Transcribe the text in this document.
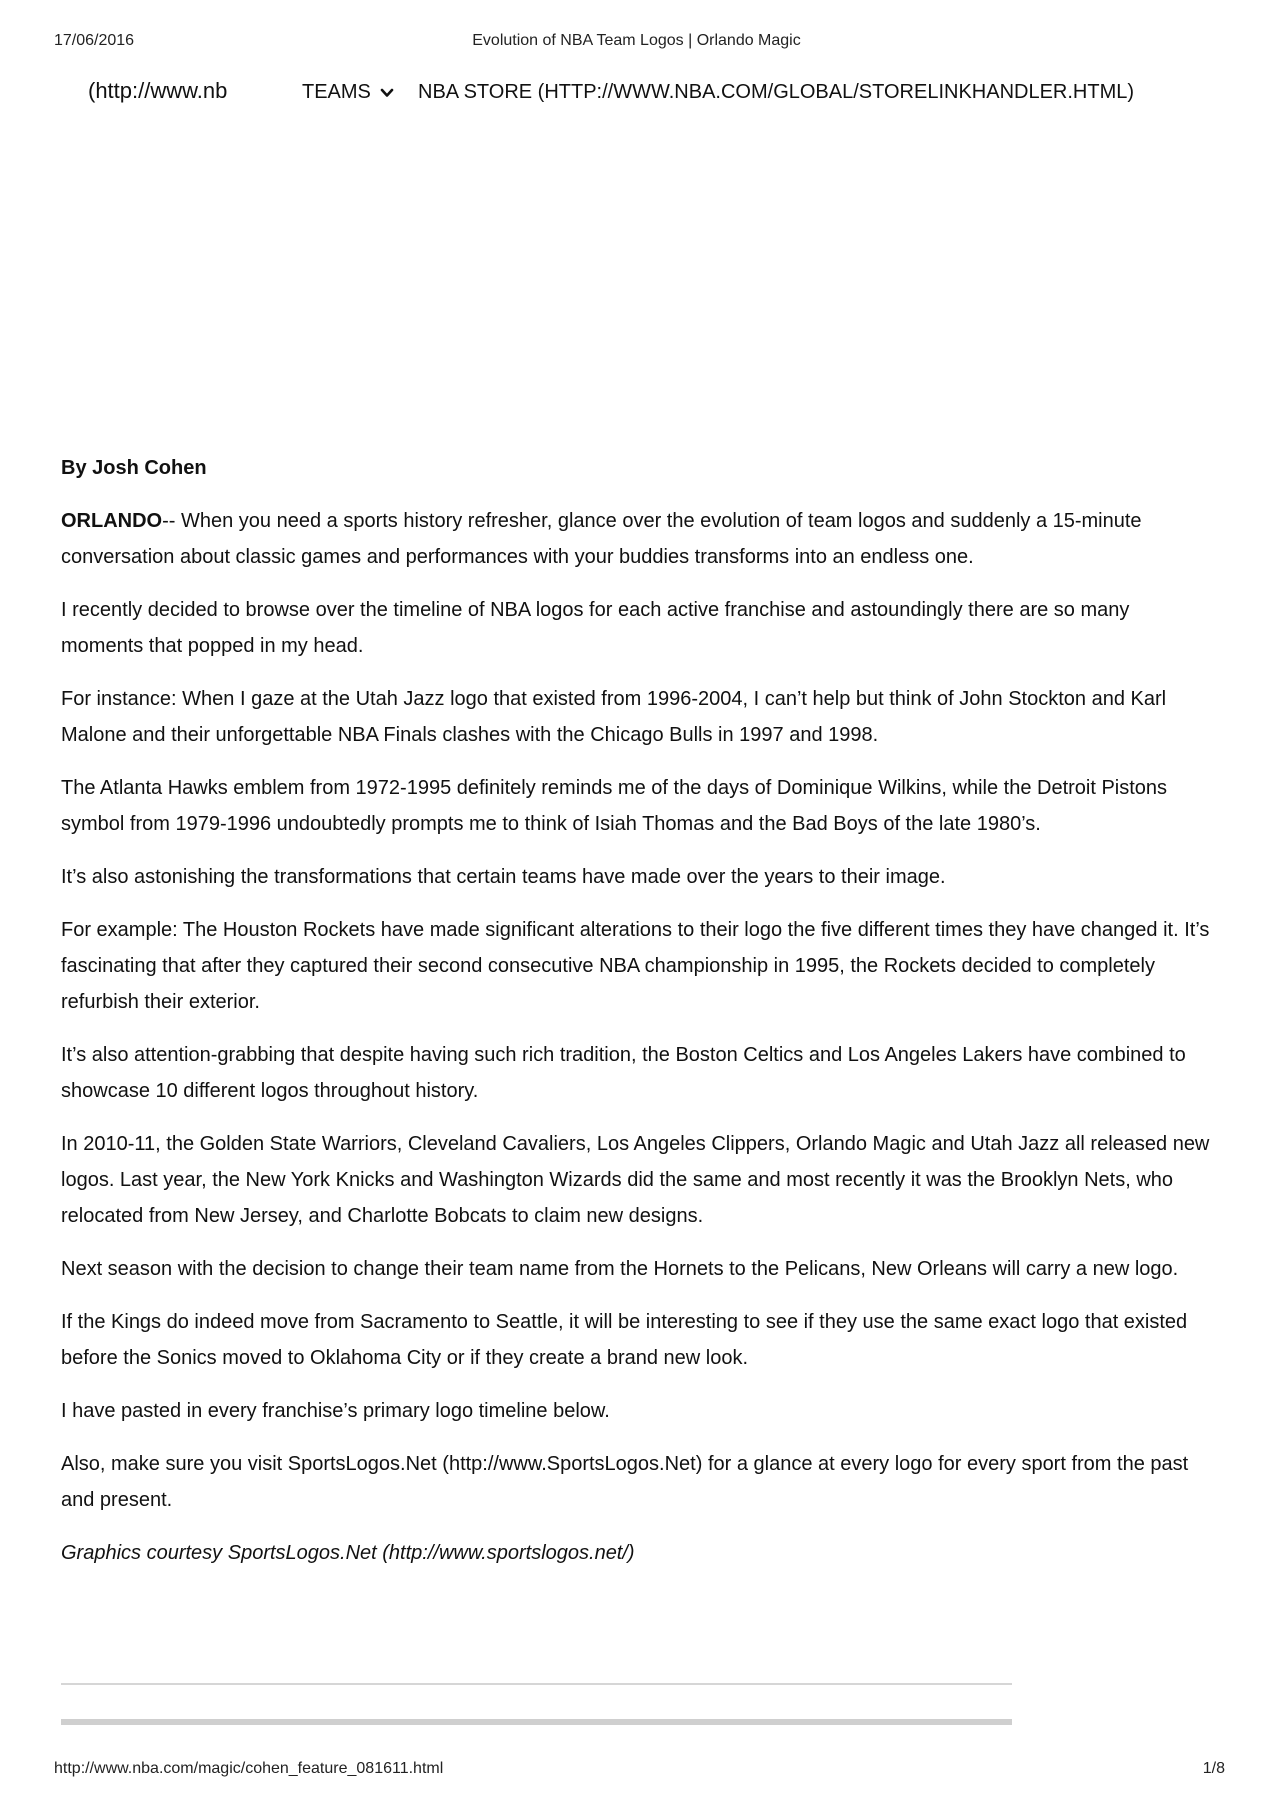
17/06/2016	Evolution of NBA Team Logos | Orlando Magic
(http://www.nb	TEAMS NBA STORE (HTTP://WWW.NBA.COM/GLOBAL/STORELINKHANDLER.HTML)

By Josh Cohen

ORLANDO-- When you need a sports history refresher, glance over the evolution of team logos and suddenly a 15-minute conversation about classic games and performances with your buddies transforms into an endless one.

I recently decided to browse over the timeline of NBA logos for each active franchise and astoundingly there are so many moments that popped in my head.

For instance: When I gaze at the Utah Jazz logo that existed from 1996-2004, I can’t help but think of John Stockton and Karl Malone and their unforgettable NBA Finals clashes with the Chicago Bulls in 1997 and 1998.

The Atlanta Hawks emblem from 1972-1995 definitely reminds me of the days of Dominique Wilkins, while the Detroit Pistons symbol from 1979-1996 undoubtedly prompts me to think of Isiah Thomas and the Bad Boys of the late 1980’s.

It’s also astonishing the transformations that certain teams have made over the years to their image.

For example: The Houston Rockets have made significant alterations to their logo the five different times they have changed it. It’s fascinating that after they captured their second consecutive NBA championship in 1995, the Rockets decided to completely refurbish their exterior.

It’s also attention-grabbing that despite having such rich tradition, the Boston Celtics and Los Angeles Lakers have combined to showcase 10 different logos throughout history.

In 2010-11, the Golden State Warriors, Cleveland Cavaliers, Los Angeles Clippers, Orlando Magic and Utah Jazz all released new logos. Last year, the New York Knicks and Washington Wizards did the same and most recently it was the Brooklyn Nets, who relocated from New Jersey, and Charlotte Bobcats to claim new designs.

Next season with the decision to change their team name from the Hornets to the Pelicans, New Orleans will carry a new logo.

If the Kings do indeed move from Sacramento to Seattle, it will be interesting to see if they use the same exact logo that existed before the Sonics moved to Oklahoma City or if they create a brand new look.

I have pasted in every franchise’s primary logo timeline below.

Also, make sure you visit SportsLogos.Net (http://www.SportsLogos.Net) for a glance at every logo for every sport from the past and present.

Graphics courtesy SportsLogos.Net (http://www.sportslogos.net/)

http://www.nba.com/magic/cohen_feature_081611.html	1/8
